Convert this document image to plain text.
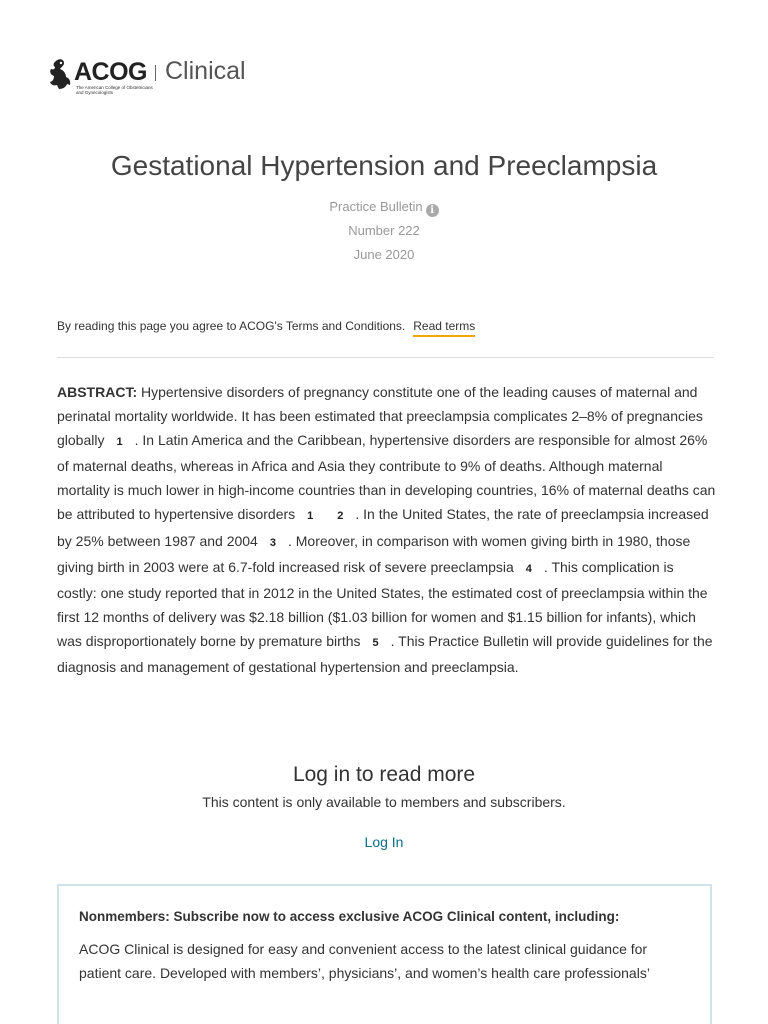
ACOG
The American College of Obstetricians and Gynecologists
Clinical
Gestational Hypertension and Preeclampsia
Practice Bulletin i
Number 222
June 2020
By reading this page you agree to ACOG's Terms and Conditions. Read terms

ABSTRACT: Hypertensive disorders of pregnancy constitute one of the leading causes of maternal and perinatal mortality worldwide. It has been estimated that preeclampsia complicates 2–8% of pregnancies globally 1 . In Latin America and the Caribbean, hypertensive disorders are responsible for almost 26% of maternal deaths, whereas in Africa and Asia they contribute to 9% of deaths. Although maternal mortality is much lower in high-income countries than in developing countries, 16% of maternal deaths can be attributed to hypertensive disorders 1 2 . In the United States, the rate of preeclampsia increased by 25% between 1987 and 2004 3 . Moreover, in comparison with women giving birth in 1980, those giving birth in 2003 were at 6.7-fold increased risk of severe preeclampsia 4 . This complication is costly: one study reported that in 2012 in the United States, the estimated cost of preeclampsia within the first 12 months of delivery was $2.18 billion ($1.03 billion for women and $1.15 billion for infants), which was disproportionately borne by premature births 5 . This Practice Bulletin will provide guidelines for the diagnosis and management of gestational hypertension and preeclampsia.

Log in to read more
This content is only available to members and subscribers.
Log In
Nonmembers: Subscribe now to access exclusive ACOG Clinical content, including:
ACOG Clinical is designed for easy and convenient access to the latest clinical guidance for patient care. Developed with members’, physicians’, and women’s health care professionals’
